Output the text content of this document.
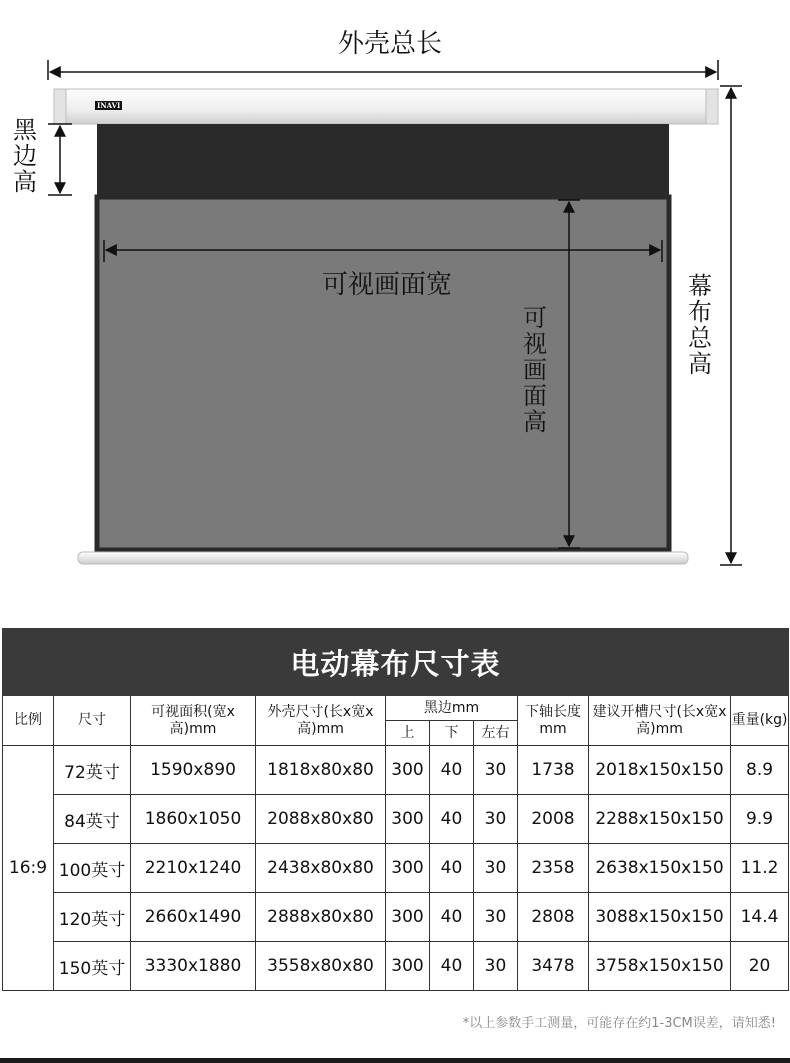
INAVI
外壳总长
黑边高
可视画面宽
可视画面高
幕布总高
电动幕布尺寸表									
比例	尺寸	可视面积(宽x高)mm	外壳尺寸(长x宽x高)mm	黑边mm			下轴长度mm	建议开槽尺寸(长x宽x高)mm	重量(kg)
				上	下	左右			
16:9	72英寸	1590x890	1818x80x80	300	40	30	1738	2018x150x150	8.9
	84英寸	1860x1050	2088x80x80	300	40	30	2008	2288x150x150	9.9
	100英寸	2210x1240	2438x80x80	300	40	30	2358	2638x150x150	11.2
	120英寸	2660x1490	2888x80x80	300	40	30	2808	3088x150x150	14.4
	150英寸	3330x1880	3558x80x80	300	40	30	3478	3758x150x150	20
*以上参数手工测量，可能存在约1-3CM误差，请知悉!
